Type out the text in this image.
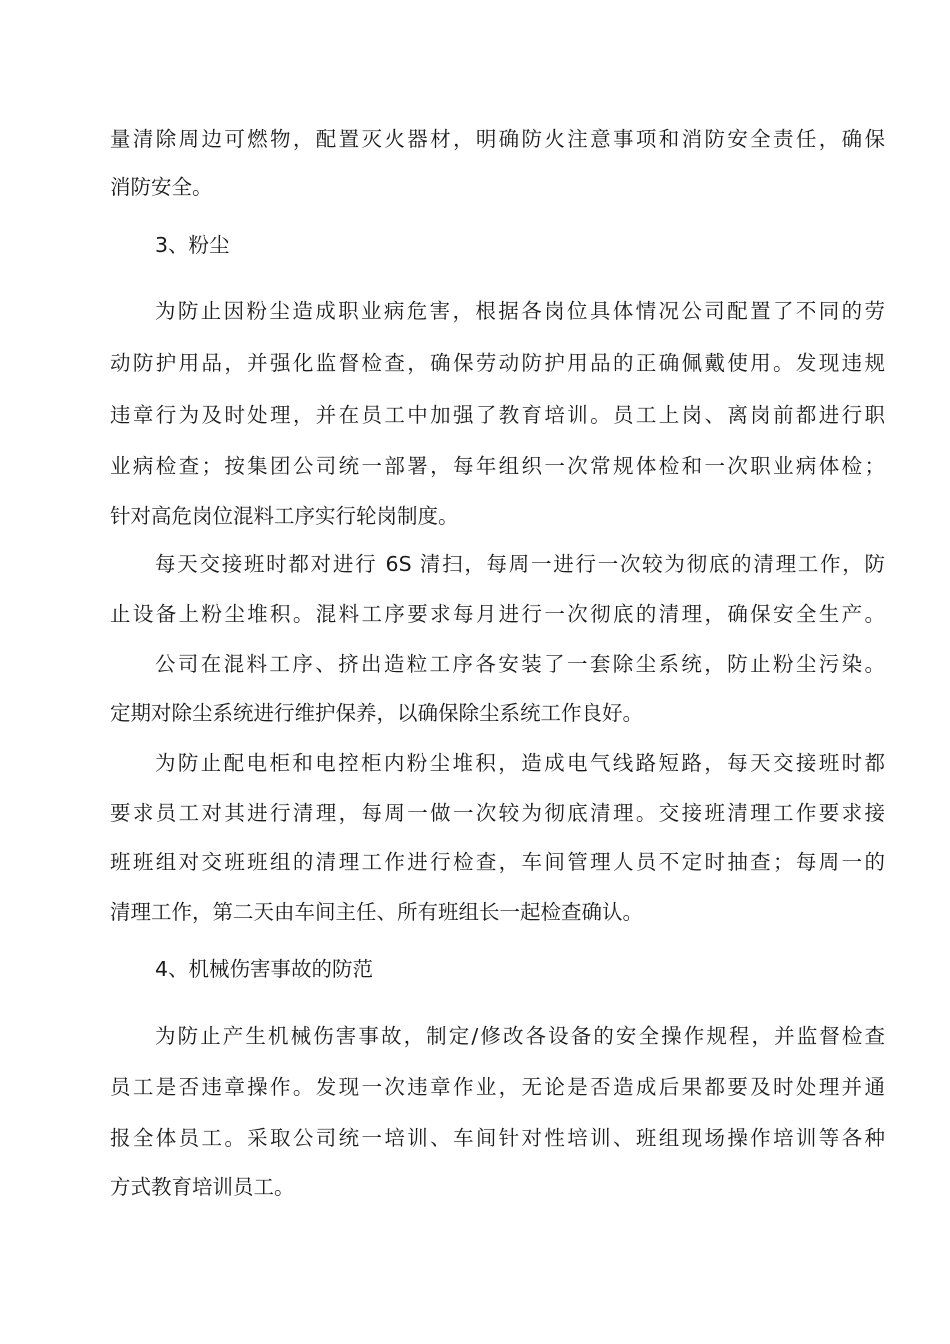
量清除周边可燃物，配置灭火器材，明确防火注意事项和消防安全责任，确保
消防安全。
3、粉尘
为防止因粉尘造成职业病危害，根据各岗位具体情况公司配置了不同的劳
动防护用品，并强化监督检查，确保劳动防护用品的正确佩戴使用。发现违规
违章行为及时处理，并在员工中加强了教育培训。员工上岗、离岗前都进行职
业病检查；按集团公司统一部署，每年组织一次常规体检和一次职业病体检；
针对高危岗位混料工序实行轮岗制度。
每天交接班时都对进行 6S 清扫，每周一进行一次较为彻底的清理工作，防
止设备上粉尘堆积。混料工序要求每月进行一次彻底的清理，确保安全生产。
公司在混料工序、挤出造粒工序各安装了一套除尘系统，防止粉尘污染。
定期对除尘系统进行维护保养，以确保除尘系统工作良好。
为防止配电柜和电控柜内粉尘堆积，造成电气线路短路，每天交接班时都
要求员工对其进行清理，每周一做一次较为彻底清理。交接班清理工作要求接
班班组对交班班组的清理工作进行检查，车间管理人员不定时抽查；每周一的
清理工作，第二天由车间主任、所有班组长一起检查确认。
4、机械伤害事故的防范
为防止产生机械伤害事故，制定/修改各设备的安全操作规程，并监督检查
员工是否违章操作。发现一次违章作业，无论是否造成后果都要及时处理并通
报全体员工。采取公司统一培训、车间针对性培训、班组现场操作培训等各种
方式教育培训员工。
